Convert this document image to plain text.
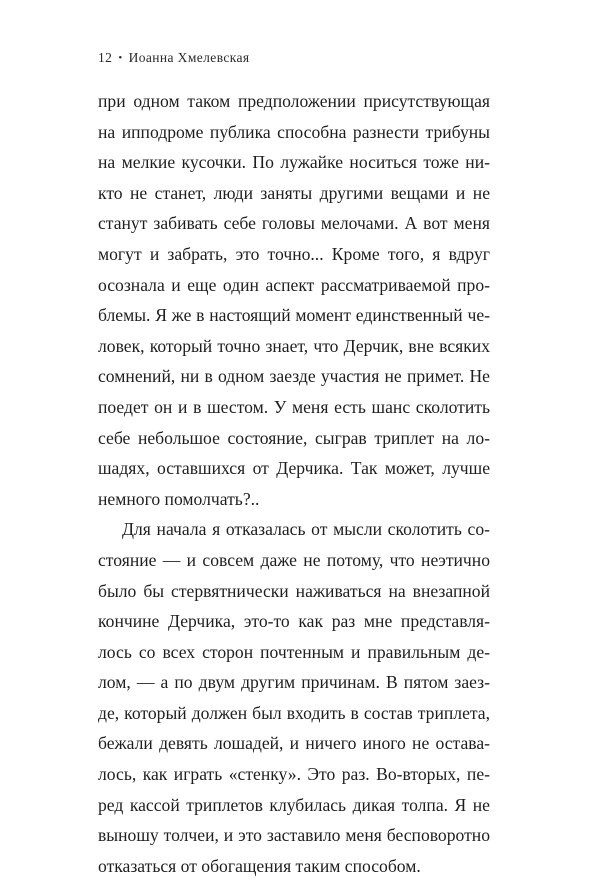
12 • Иоанна Хмелевская
при одном таком предположении присутствующая
на ипподроме публика способна разнести трибуны
на мелкие кусочки. По лужайке носиться тоже ни-
кто не станет, люди заняты другими вещами и не
станут забивать себе головы мелочами. А вот меня
могут и забрать, это точно... Кроме того, я вдруг
осознала и еще один аспект рассматриваемой про-
блемы. Я же в настоящий момент единственный че-
ловек, который точно знает, что Дерчик, вне всяких
сомнений, ни в одном заезде участия не примет. Не
поедет он и в шестом. У меня есть шанс сколотить
себе небольшое состояние, сыграв триплет на ло-
шадях, оставшихся от Дерчика. Так может, лучше
немного помолчать?..
Для начала я отказалась от мысли сколотить со-
стояние — и совсем даже не потому, что неэтично
было бы стервятнически наживаться на внезапной
кончине Дерчика, это-то как раз мне представля-
лось со всех сторон почтенным и правильным де-
лом, — а по двум другим причинам. В пятом заез-
де, который должен был входить в состав триплета,
бежали девять лошадей, и ничего иного не остава-
лось, как играть «стенку». Это раз. Во-вторых, пе-
ред кассой триплетов клубилась дикая толпа. Я не
выношу толчеи, и это заставило меня бесповоротно
отказаться от обогащения таким способом.
